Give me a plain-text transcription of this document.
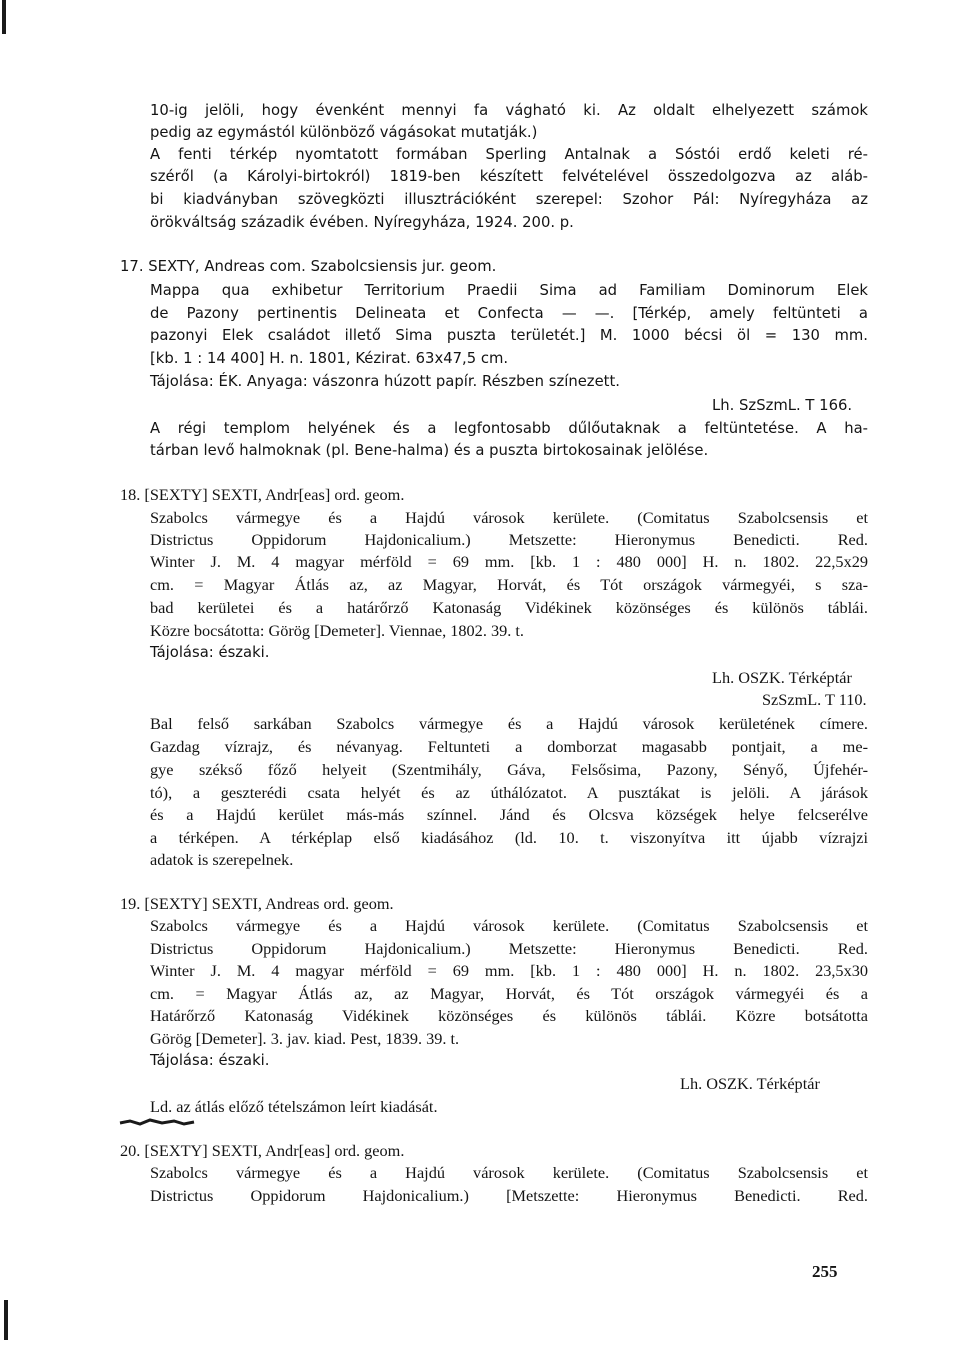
10-ig jelöli, hogy évenként mennyi fa vágható ki. Az oldalt elhelyezett számok
pedig az egymástól különböző vágásokat mutatják.)
A fenti térkép nyomtatott formában Sperling Antalnak a Sóstói erdő keleti ré-
széről (a Károlyi-birtokról) 1819-ben készített felvételével összedolgozva az aláb-
bi kiadványban szövegközti illusztrációként szerepel: Szohor Pál: Nyíregyháza az
örökváltság századik évében. Nyíregyháza, 1924. 200. p.
17. SEXTY, Andreas com. Szabolcsiensis jur. geom.
Mappa qua exhibetur Territorium Praedii Sima ad Familiam Dominorum Elek
de Pazony pertinentis Delineata et Confecta — —. [Térkép, amely feltünteti a
pazonyi Elek családot illető Sima puszta területét.] M. 1000 bécsi öl = 130 mm.
[kb. 1 : 14 400] H. n. 1801, Kézirat. 63x47,5 cm.
Tájolása: ÉK. Anyaga: vászonra húzott papír. Részben színezett.
Lh. SzSzmL. T 166.
A régi templom helyének és a legfontosabb dűlőutaknak a feltüntetése. A ha-
tárban levő halmoknak (pl. Bene-halma) és a puszta birtokosainak jelölése.
18. [SEXTY] SEXTI, Andr[eas] ord. geom.
Szabolcs vármegye és a Hajdú városok kerülete. (Comitatus Szabolcsensis et
Districtus Oppidorum Hajdonicalium.) Metszette: Hieronymus Benedicti. Red.
Winter J. M. 4 magyar mérföld = 69 mm. [kb. 1 : 480 000] H. n. 1802. 22,5x29
cm. = Magyar Átlás az, az Magyar, Horvát, és Tót országok vármegyéi, s sza-
bad kerületei és a határőrző Katonaság Vidékinek közönséges és különös táblái.
Közre bocsátotta: Görög [Demeter]. Viennae, 1802. 39. t.
Tájolása: északi.
Lh. OSZK. Térképtár
SzSzmL. T 110.
Bal felső sarkában Szabolcs vármegye és a Hajdú városok kerületének címere.
Gazdag vízrajz, és névanyag. Feltunteti a domborzat magasabb pontjait, a me-
gye székső főző helyeit (Szentmihály, Gáva, Felsősima, Pazony, Sényő, Újfehér-
tó), a geszterédi csata helyét és az úthálózatot. A pusztákat is jelöli. A járások
és a Hajdú kerület más-más színnel. Jánd és Olcsva községek helye felcserélve
a térképen. A térképlap első kiadásához (ld. 10. t. viszonyítva itt újabb vízrajzi
adatok is szerepelnek.
19. [SEXTY] SEXTI, Andreas ord. geom.
Szabolcs vármegye és a Hajdú városok kerülete. (Comitatus Szabolcsensis et
Districtus Oppidorum Hajdonicalium.) Metszette: Hieronymus Benedicti. Red.
Winter J. M. 4 magyar mérföld = 69 mm. [kb. 1 : 480 000] H. n. 1802. 23,5x30
cm. = Magyar Átlás az, az Magyar, Horvát, és Tót országok vármegyéi és a
Határőrző Katonaság Vidékinek közönséges és különös táblái. Közre botsátotta
Görög [Demeter]. 3. jav. kiad. Pest, 1839. 39. t.
Tájolása: északi.
Lh. OSZK. Térképtár
Ld. az átlás előző tételszámon leírt kiadását.
20. [SEXTY] SEXTI, Andr[eas] ord. geom.
Szabolcs vármegye és a Hajdú városok kerülete. (Comitatus Szabolcsensis et
Districtus Oppidorum Hajdonicalium.) [Metszette: Hieronymus Benedicti. Red.
255
